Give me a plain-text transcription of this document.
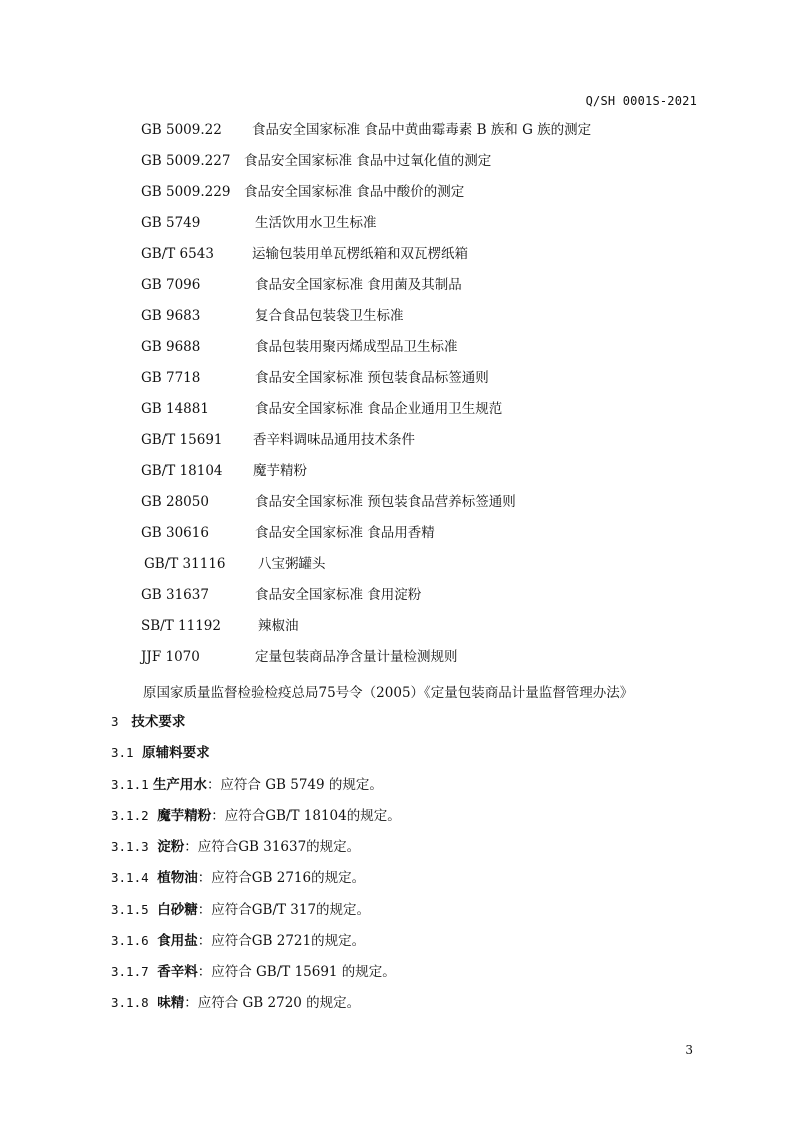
Q/SH 0001S-2021
GB 5009.22 食品安全国家标准 食品中黄曲霉毒素 B 族和 G 族的测定
GB 5009.227 食品安全国家标准 食品中过氧化值的测定
GB 5009.229 食品安全国家标准 食品中酸价的测定
GB 5749	生活饮用水卫生标准
GB/T 6543	运输包装用单瓦楞纸箱和双瓦楞纸箱
GB 7096	食品安全国家标准 食用菌及其制品
GB 9683	复合食品包装袋卫生标准
GB 9688	食品包装用聚丙烯成型品卫生标准
GB 7718	食品安全国家标准 预包装食品标签通则
GB 14881	食品安全国家标准 食品企业通用卫生规范
GB/T 15691 香辛料调味品通用技术条件
GB/T 18104 魔芋精粉
GB 28050	食品安全国家标准 预包装食品营养标签通则
GB 30616	食品安全国家标准 食品用香精
GB/T 31116 八宝粥罐头
GB 31637	食品安全国家标准 食用淀粉
SB/T 11192	辣椒油
JJF 1070	定量包装商品净含量计量检测规则
原国家质量监督检验检疫总局75号令（2005）《定量包装商品计量监督管理办法》
3 技术要求
3.1 原辅料要求
3.1.1 生产用水：应符合 GB 5749 的规定。
3.1.2 魔芋精粉：应符合GB/T 18104的规定。
3.1.3 淀粉：应符合GB 31637的规定。
3.1.4 植物油：应符合GB 2716的规定。
3.1.5 白砂糖：应符合GB/T 317的规定。
3.1.6 食用盐：应符合GB 2721的规定。
3.1.7 香辛料：应符合 GB/T 15691 的规定。
3.1.8 味精：应符合 GB 2720 的规定。
3
